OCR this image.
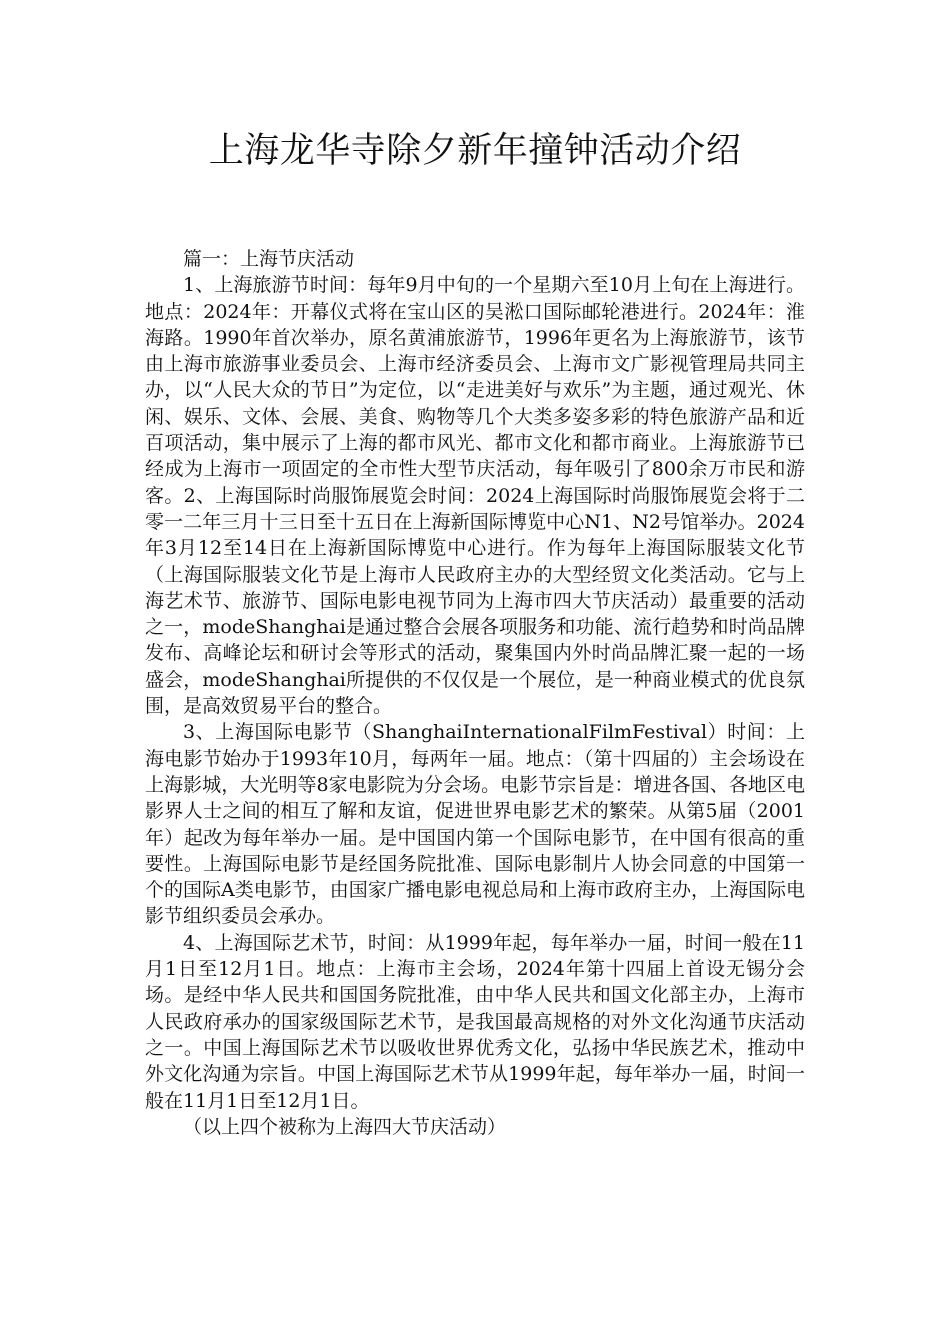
上海龙华寺除夕新年撞钟活动介绍

篇一：上海节庆活动

1、上海旅游节时间：每年9月中旬的一个星期六至10月上旬在上海进行。地点：2024年：开幕仪式将在宝山区的吴淞口国际邮轮港进行。2024年：淮海路。1990年首次举办，原名黄浦旅游节，1996年更名为上海旅游节，该节由上海市旅游事业委员会、上海市经济委员会、上海市文广影视管理局共同主办，以“人民大众的节日”为定位，以“走进美好与欢乐”为主题，通过观光、休闲、娱乐、文体、会展、美食、购物等几个大类多姿多彩的特色旅游产品和近百项活动，集中展示了上海的都市风光、都市文化和都市商业。上海旅游节已经成为上海市一项固定的全市性大型节庆活动，每年吸引了800余万市民和游客。2、上海国际时尚服饰展览会时间：2024上海国际时尚服饰展览会将于二零一二年三月十三日至十五日在上海新国际博览中心N1、N2号馆举办。2024年3月12至14日在上海新国际博览中心进行。作为每年上海国际服装文化节（上海国际服装文化节是上海市人民政府主办的大型经贸文化类活动。它与上海艺术节、旅游节、国际电影电视节同为上海市四大节庆活动）最重要的活动之一，modeShanghai是通过整合会展各项服务和功能、流行趋势和时尚品牌发布、高峰论坛和研讨会等形式的活动，聚集国内外时尚品牌汇聚一起的一场盛会，modeShanghai所提供的不仅仅是一个展位，是一种商业模式的优良氛围，是高效贸易平台的整合。

3、上海国际电影节（ShanghaiInternationalFilmFestival）时间：上海电影节始办于1993年10月，每两年一届。地点：（第十四届的）主会场设在上海影城，大光明等8家电影院为分会场。电影节宗旨是：增进各国、各地区电影界人士之间的相互了解和友谊，促进世界电影艺术的繁荣。从第5届（2001年）起改为每年举办一届。是中国国内第一个国际电影节，在中国有很高的重要性。上海国际电影节是经国务院批准、国际电影制片人协会同意的中国第一个的国际A类电影节，由国家广播电影电视总局和上海市政府主办，上海国际电影节组织委员会承办。

4、上海国际艺术节，时间：从1999年起，每年举办一届，时间一般在11月1日至12月1日。地点：上海市主会场，2024年第十四届上首设无锡分会场。是经中华人民共和国国务院批准，由中华人民共和国文化部主办，上海市人民政府承办的国家级国际艺术节，是我国最高规格的对外文化沟通节庆活动之一。中国上海国际艺术节以吸收世界优秀文化，弘扬中华民族艺术，推动中外文化沟通为宗旨。中国上海国际艺术节从1999年起，每年举办一届，时间一般在11月1日至12月1日。

（以上四个被称为上海四大节庆活动）
